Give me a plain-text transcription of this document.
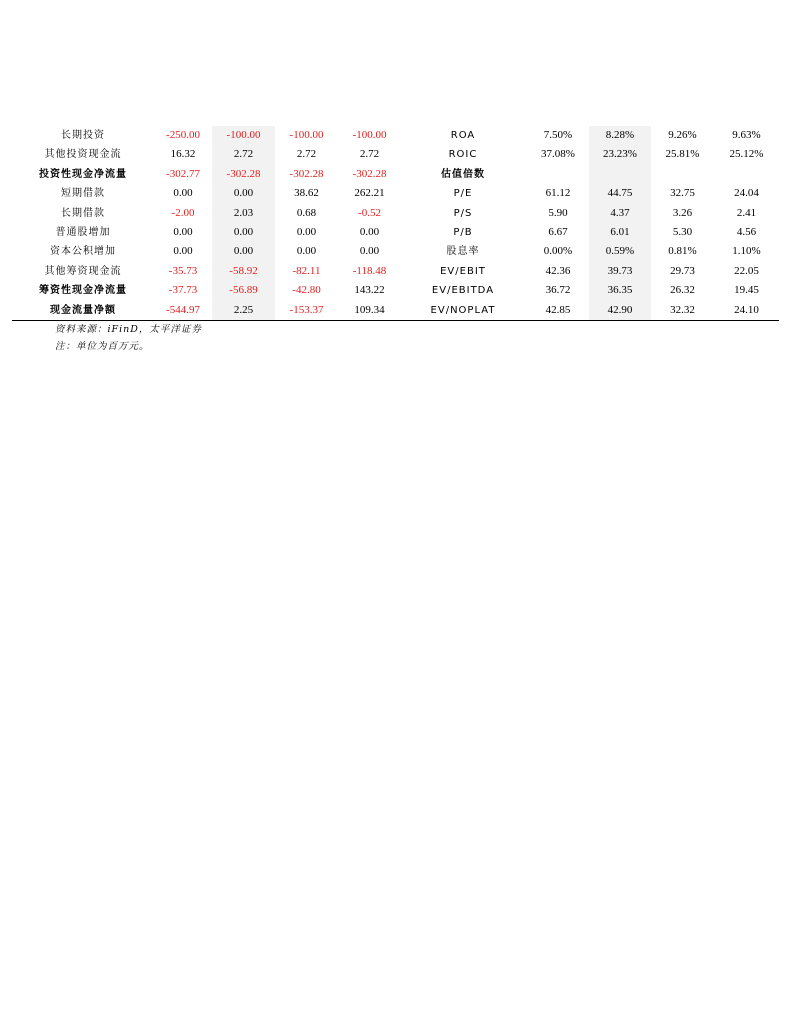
长期投资	-250.00	-100.00	-100.00	-100.00
其他投资现金流	16.32	2.72	2.72	2.72
投资性现金净流量	-302.77	-302.28	-302.28	-302.28
短期借款	0.00	0.00	38.62	262.21
长期借款	-2.00	2.03	0.68	-0.52
普通股增加	0.00	0.00	0.00	0.00
资本公积增加	0.00	0.00	0.00	0.00
其他筹资现金流	-35.73	-58.92	-82.11	-118.48
筹资性现金净流量	-37.73	-56.89	-42.80	143.22
现金流量净额	-544.97	2.25	-153.37	109.34
ROA	7.50%	8.28%	9.26%	9.63%
ROIC	37.08%	23.23%	25.81%	25.12%
估值倍数				
P/E	61.12	44.75	32.75	24.04
P/S	5.90	4.37	3.26	2.41
P/B	6.67	6.01	5.30	4.56
股息率	0.00%	0.59%	0.81%	1.10%
EV/EBIT	42.36	39.73	29.73	22.05
EV/EBITDA	36.72	36.35	26.32	19.45
EV/NOPLAT	42.85	42.90	32.32	24.10
资料来源：iFinD，太平洋证券
注：单位为百万元。
